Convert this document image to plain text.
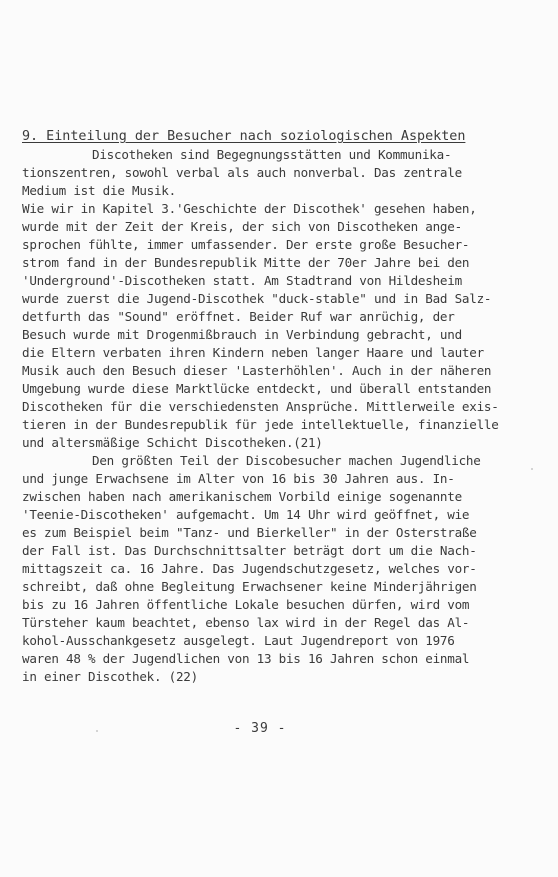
9. Einteilung der Besucher nach soziologischen Aspekten
Discotheken sind Begegnungsstätten und Kommunika-
tionszentren, sowohl verbal als auch nonverbal. Das zentrale
Medium ist die Musik.
Wie wir in Kapitel 3.'Geschichte der Discothek' gesehen haben,
wurde mit der Zeit der Kreis, der sich von Discotheken ange-
sprochen fühlte, immer umfassender. Der erste große Besucher-
strom fand in der Bundesrepublik Mitte der 70er Jahre bei den
'Underground'-Discotheken statt. Am Stadtrand von Hildesheim
wurde zuerst die Jugend-Discothek "duck-stable" und in Bad Salz-
detfurth das "Sound" eröffnet. Beider Ruf war anrüchig, der
Besuch wurde mit Drogenmißbrauch in Verbindung gebracht, und
die Eltern verbaten ihren Kindern neben langer Haare und lauter
Musik auch den Besuch dieser 'Lasterhöhlen'. Auch in der näheren
Umgebung wurde diese Marktlücke entdeckt, und überall entstanden
Discotheken für die verschiedensten Ansprüche. Mittlerweile exis-
tieren in der Bundesrepublik für jede intellektuelle, finanzielle
und altersmäßige Schicht Discotheken.(21)
Den größten Teil der Discobesucher machen Jugendliche
und junge Erwachsene im Alter von 16 bis 30 Jahren aus. In-
zwischen haben nach amerikanischem Vorbild einige sogenannte
'Teenie-Discotheken' aufgemacht. Um 14 Uhr wird geöffnet, wie
es zum Beispiel beim "Tanz- und Bierkeller" in der Osterstraße
der Fall ist. Das Durchschnittsalter beträgt dort um die Nach-
mittagszeit ca. 16 Jahre. Das Jugendschutzgesetz, welches vor-
schreibt, daß ohne Begleitung Erwachsener keine Minderjährigen
bis zu 16 Jahren öffentliche Lokale besuchen dürfen, wird vom
Türsteher kaum beachtet, ebenso lax wird in der Regel das Al-
kohol-Ausschankgesetz ausgelegt. Laut Jugendreport von 1976
waren 48 % der Jugendlichen von 13 bis 16 Jahren schon einmal
in einer Discothek. (22)
- 39 -
